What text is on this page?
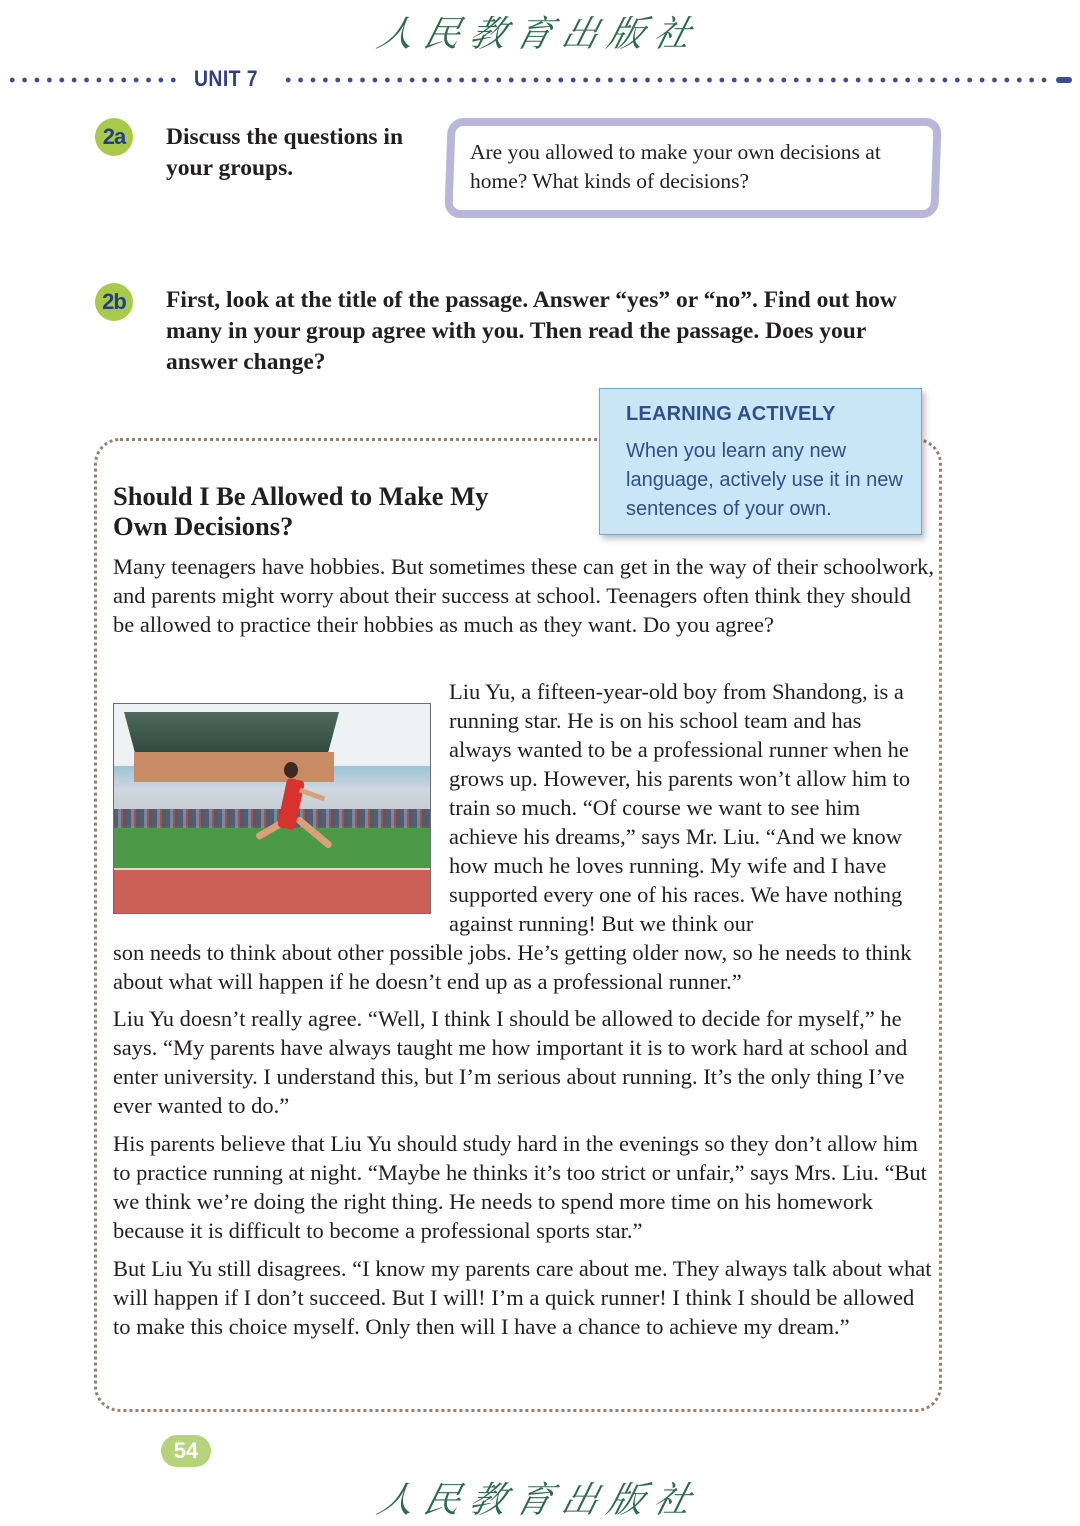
人民教育出版社
UNIT 7
2a	Discuss the questions in your groups.
Are you allowed to make your own decisions at home? What kinds of decisions?
2b	First, look at the title of the passage. Answer “yes” or “no”. Find out how many in your group agree with you. Then read the passage. Does your answer change?
LEARNING ACTIVELY
When you learn any new language, actively use it in new sentences of your own.
Should I Be Allowed to Make My Own Decisions?

Many teenagers have hobbies. But sometimes these can get in the way of their schoolwork, and parents might worry about their success at school. Teenagers often think they should be allowed to practice their hobbies as much as they want. Do you agree?

Liu Yu, a fifteen-year-old boy from Shandong, is a running star. He is on his school team and has always wanted to be a professional runner when he grows up. However, his parents won’t allow him to train so much. “Of course we want to see him achieve his dreams,” says Mr. Liu. “And we know how much he loves running. My wife and I have supported every one of his races. We have nothing against running! But we think our

son needs to think about other possible jobs. He’s getting older now, so he needs to think about what will happen if he doesn’t end up as a professional runner.”

Liu Yu doesn’t really agree. “Well, I think I should be allowed to decide for myself,” he says. “My parents have always taught me how important it is to work hard at school and enter university. I understand this, but I’m serious about running. It’s the only thing I’ve ever wanted to do.”

His parents believe that Liu Yu should study hard in the evenings so they don’t allow him to practice running at night. “Maybe he thinks it’s too strict or unfair,” says Mrs. Liu. “But we think we’re doing the right thing. He needs to spend more time on his homework because it is difficult to become a professional sports star.”

But Liu Yu still disagrees. “I know my parents care about me. They always talk about what will happen if I don’t succeed. But I will! I’m a quick runner! I think I should be allowed to make this choice myself. Only then will I have a chance to achieve my dream.”

54
人民教育出版社
